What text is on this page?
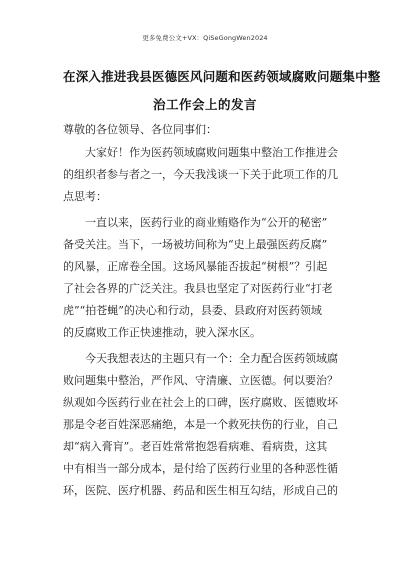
更多免费公文+VX：QiSeGongWen2024
在深入推进我县医德医风问题和医药领域腐败问题集中整
治工作会上的发言
尊敬的各位领导、各位同事们：
大家好！作为医药领域腐败问题集中整治工作推进会
的组织者参与者之一，今天我浅谈一下关于此项工作的几
点思考：
一直以来，医药行业的商业贿赂作为“公开的秘密”
备受关注。当下，一场被坊间称为“史上最强医药反腐”
的风暴，正席卷全国。这场风暴能否拔起“树根”？引起
了社会各界的广泛关注。我县也坚定了对医药行业“打老
虎”“拍苍蝇”的决心和行动，县委、县政府对医药领域
的反腐败工作正快速推动，驶入深水区。
今天我想表达的主题只有一个：全力配合医药领域腐
败问题集中整治，严作风、守清廉、立医德。何以要治？
纵观如今医药行业在社会上的口碑，医疗腐败、医德败坏
那是令老百姓深恶痛绝，本是一个救死扶伤的行业，自己
却“病入膏肓”。老百姓常常抱怨看病难、看病贵，这其
中有相当一部分成本，是付给了医药行业里的各种恶性循
环，医院、医疗机器、药品和医生相互勾结，形成自己的
